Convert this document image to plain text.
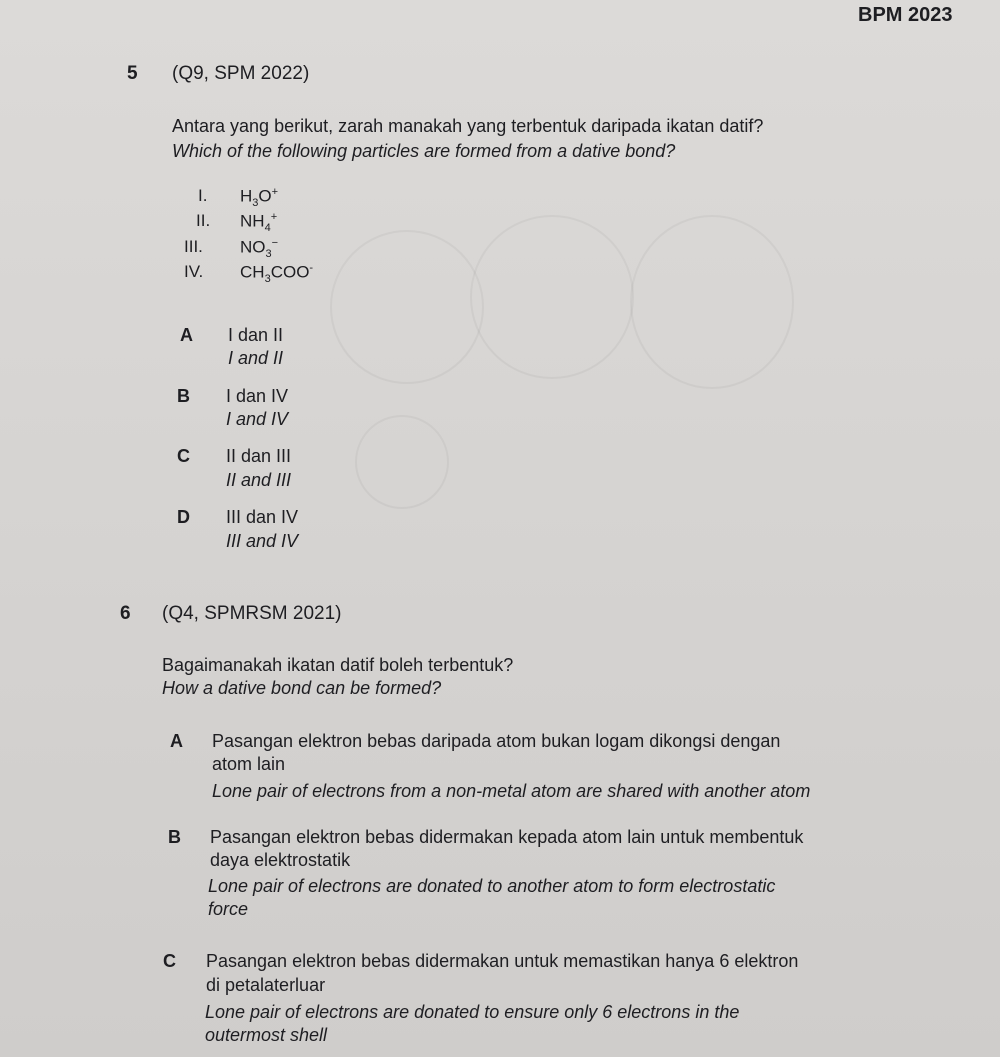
BPM 2023
5 (Q9, SPM 2022)
Antara yang berikut, zarah manakah yang terbentuk daripada ikatan datif?
Which of the following particles are formed from a dative bond?
I. $H_3O^+$
II. $NH_4^+$
III. $NO_3^-$
IV. $CH_3COO^-$
A I dan II
I and II
B I dan IV
I and IV
C II dan III
II and III
D III dan IV
III and IV
6 (Q4, SPMRSM 2021)
Bagaimanakah ikatan datif boleh terbentuk?
How a dative bond can be formed?
A Pasangan elektron bebas daripada atom bukan logam dikongsi dengan
atom lain
Lone pair of electrons from a non-metal atom are shared with another atom
B Pasangan elektron bebas didermakan kepada atom lain untuk membentuk
daya elektrostatik
Lone pair of electrons are donated to another atom to form electrostatic
force
C Pasangan elektron bebas didermakan untuk memastikan hanya 6 elektron
di petalaterluar
Lone pair of electrons are donated to ensure only 6 electrons in the
outermost shell
